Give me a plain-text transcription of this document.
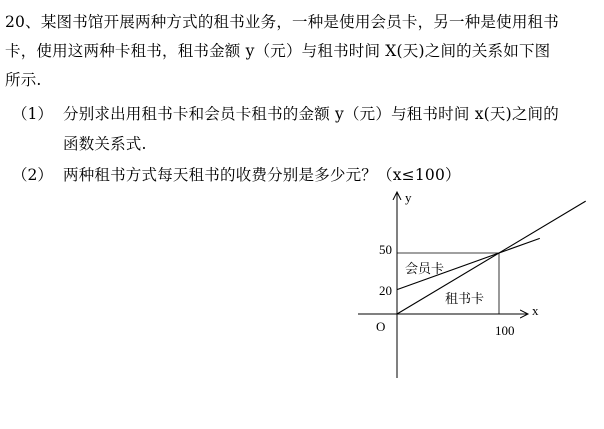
20、某图书馆开展两种方式的租书业务，一种是使用会员卡，另一种是使用租书
卡，使用这两种卡租书，租书金额 y（元）与租书时间 X(天)之间的关系如下图
所示.
（1） 分别求出用租书卡和会员卡租书的金额 y（元）与租书时间 x(天)之间的
函数关系式.
（2） 两种租书方式每天租书的收费分别是多少元？（x≤100）
y
x
O
50
20
100
会员卡
租书卡
